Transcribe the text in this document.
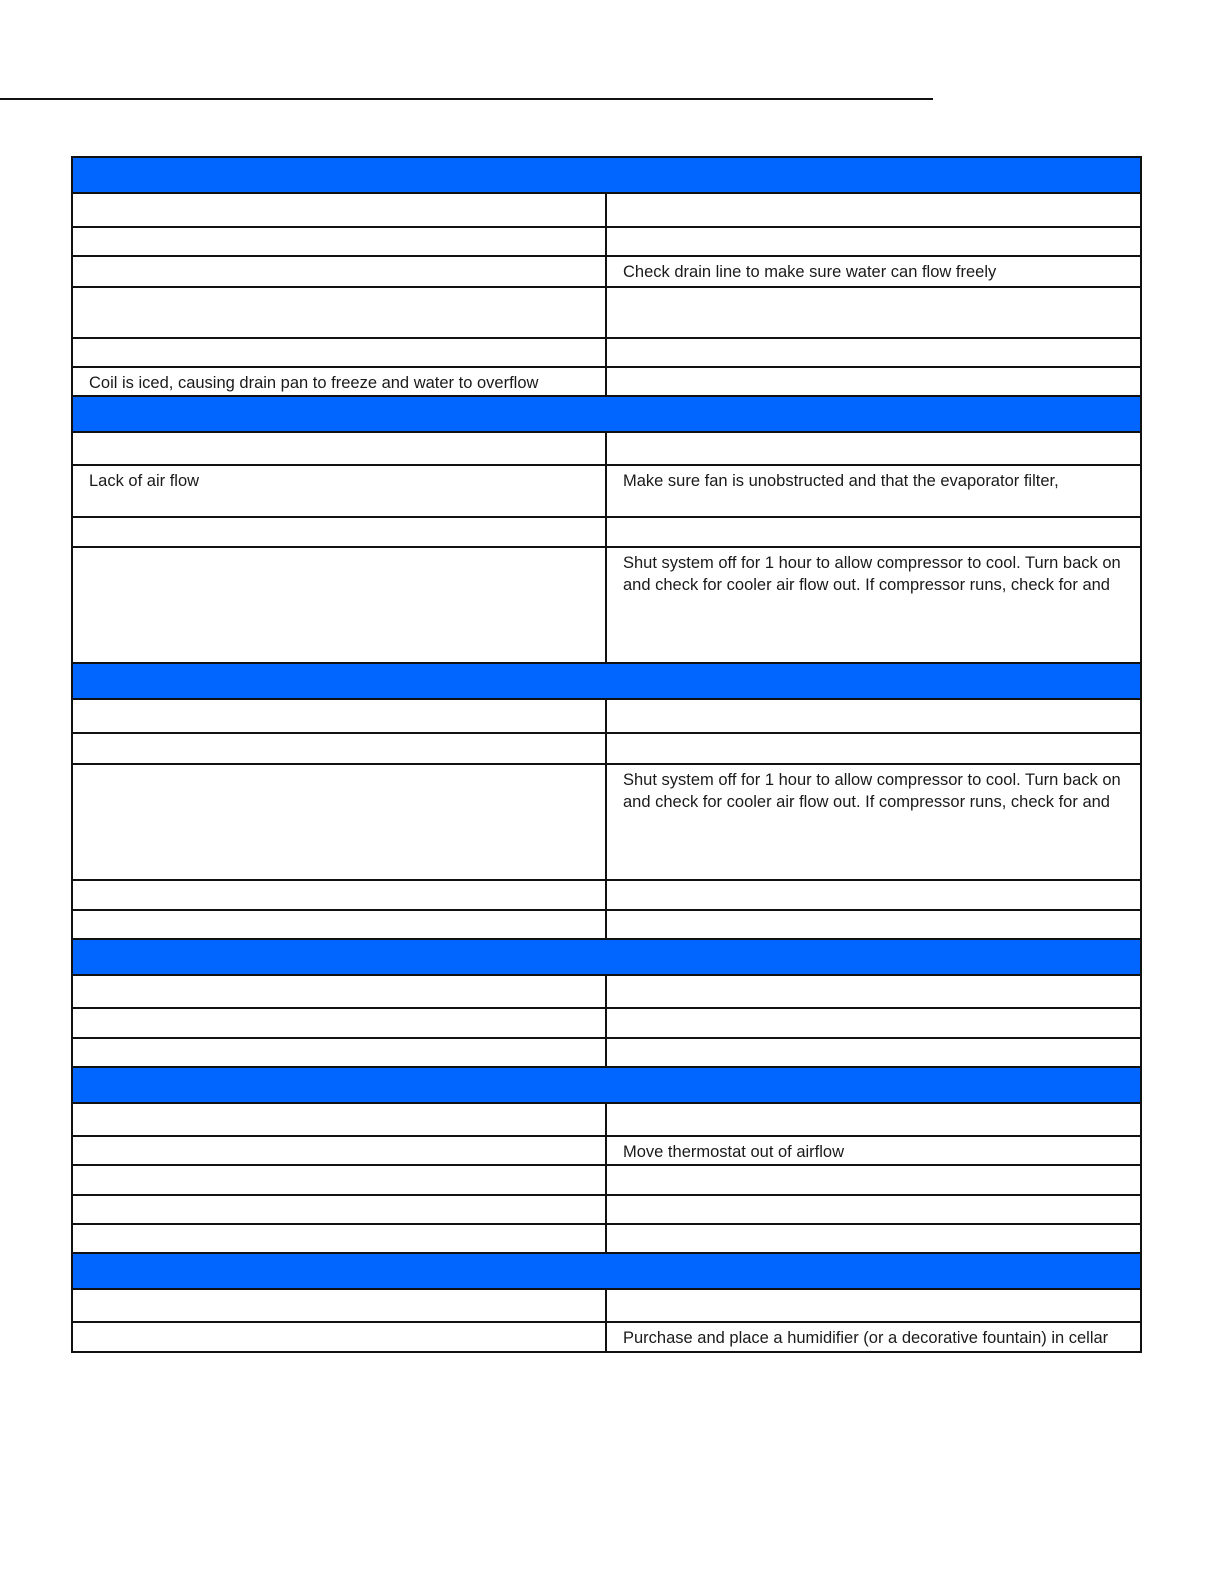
	Check drain line to make sure water can flow freely

Coil is iced, causing drain pan to freeze and water to overflow	

Lack of air flow	Make sure fan is unobstructed and that the evaporator filter,

	Shut system off for 1 hour to allow compressor to cool. Turn back on and check for cooler air flow out. If compressor runs, check for and

	Shut system off for 1 hour to allow compressor to cool. Turn back on and check for cooler air flow out. If compressor runs, check for and

	Move thermostat out of airflow

	Purchase and place a humidifier (or a decorative fountain) in cellar
